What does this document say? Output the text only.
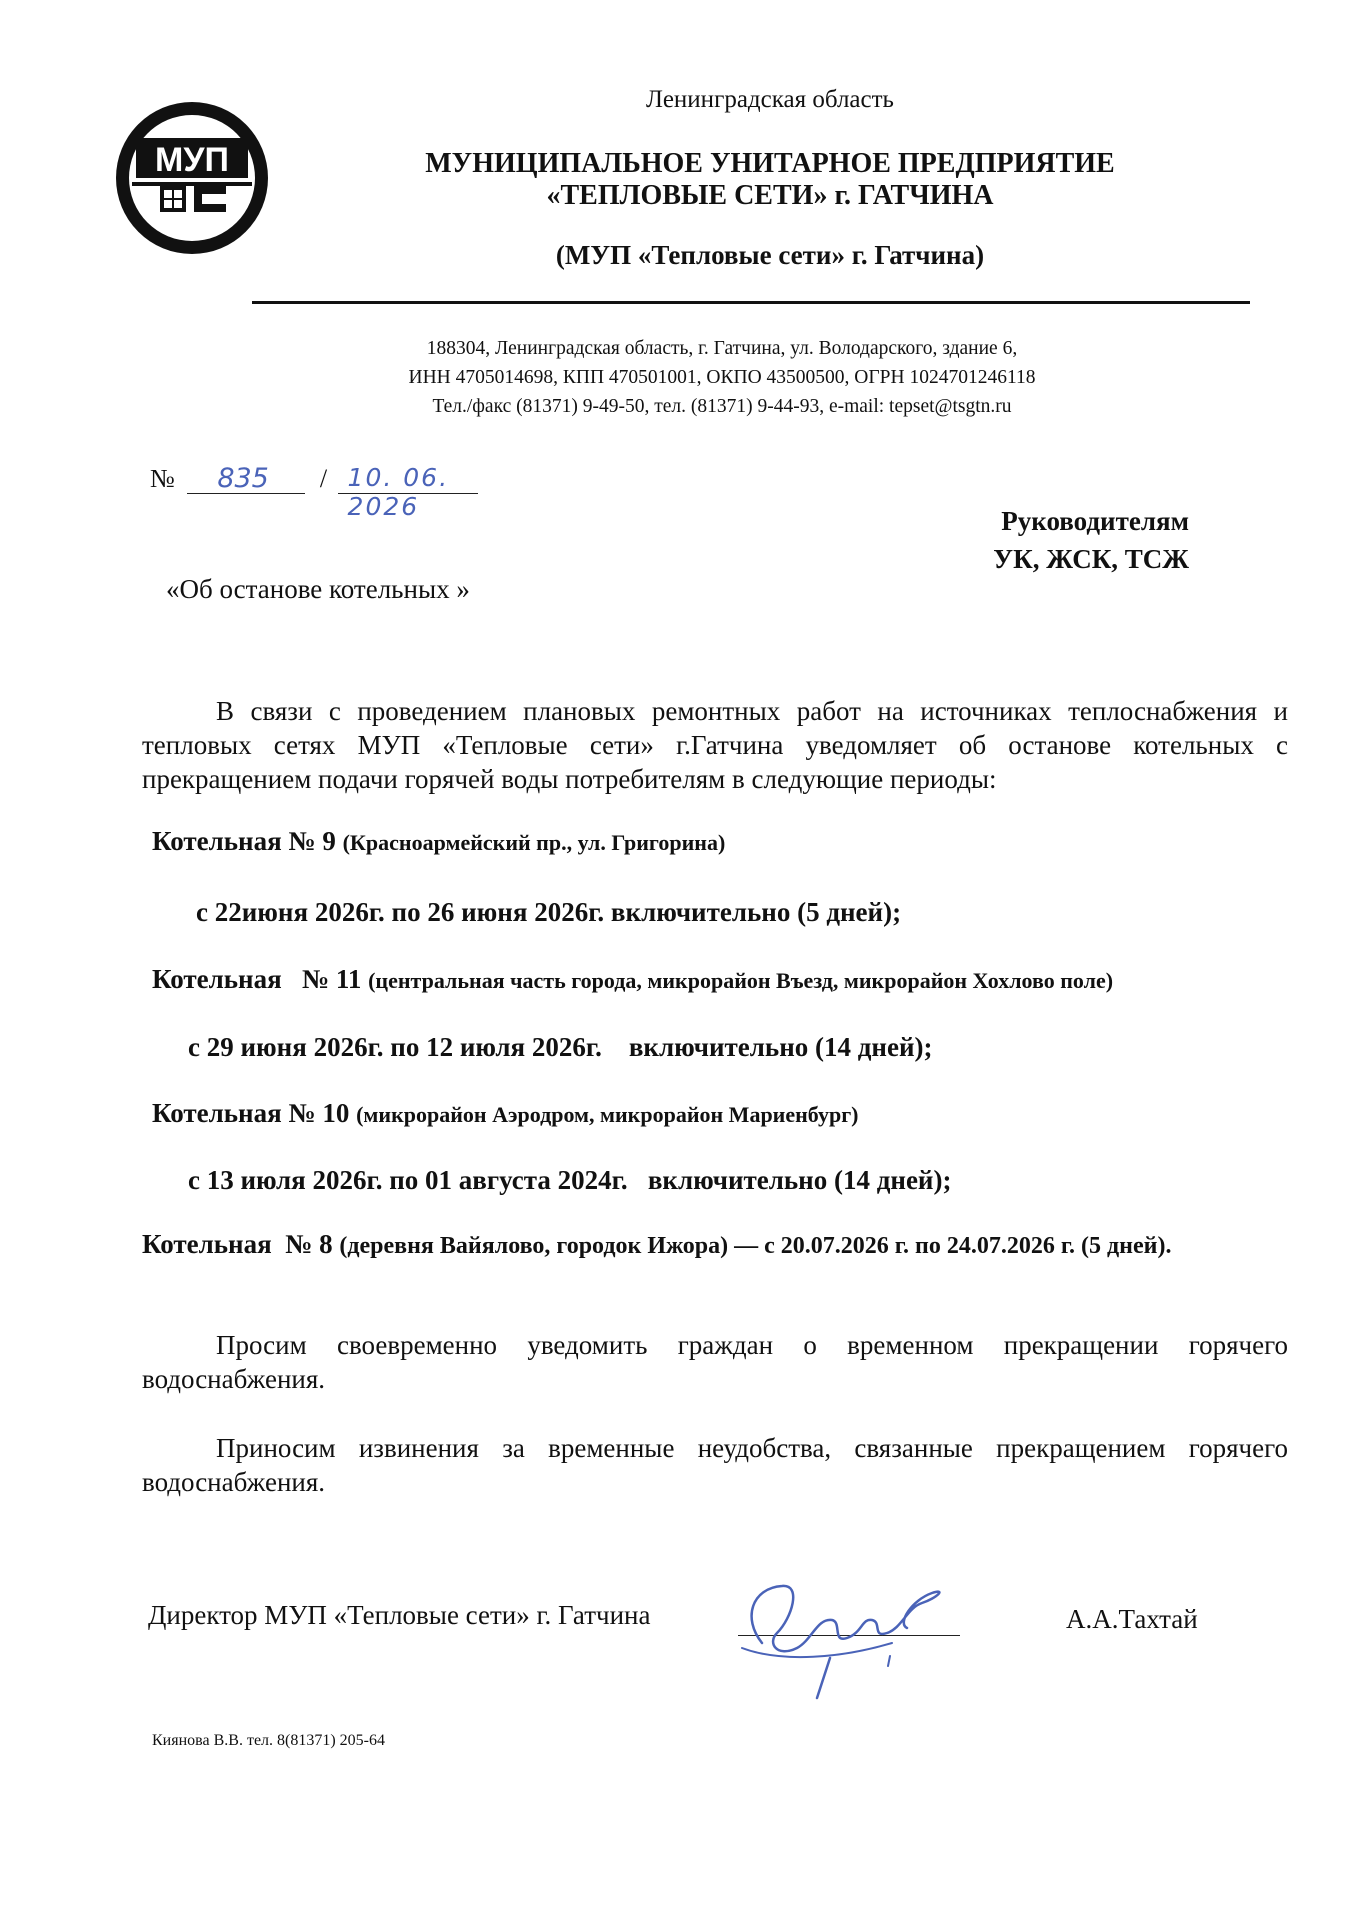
МУП
Ленинградская область
МУНИЦИПАЛЬНОЕ УНИТАРНОЕ ПРЕДПРИЯТИЕ
«ТЕПЛОВЫЕ СЕТИ» г. ГАТЧИНА
(МУП «Тепловые сети» г. Гатчина)
188304, Ленинградская область, г. Гатчина, ул. Володарского, здание 6,
ИНН 4705014698, КПП 470501001, ОКПО 43500500, ОГРН 1024701246118
Тел./факс (81371) 9-49-50, тел. (81371) 9-44-93, e-mail: tepset@tsgtn.ru
№ 835 / 10. 06. 2026	Руководителям
УК, ЖСК, ТСЖ
«Об останове котельных »
В связи с проведением плановых ремонтных работ на источниках теплоснабжения и тепловых сетях МУП «Тепловые сети» г.Гатчина уведомляет об останове котельных с прекращением подачи горячей воды потребителям в следующие периоды:
Котельная № 9 (Красноармейский пр., ул. Григорина)
с 22июня 2026г. по 26 июня 2026г. включительно (5 дней);
Котельная   № 11 (центральная часть города, микрорайон Въезд, микрорайон Хохлово поле)
с 29 июня 2026г. по 12 июля 2026г.    включительно (14 дней);
Котельная № 10 (микрорайон Аэродром, микрорайон Мариенбург)
с 13 июля 2026г. по 01 августа 2024г.   включительно (14 дней);
Котельная  № 8 (деревня Вайялово, городок Ижора) — с 20.07.2026 г. по 24.07.2026 г. (5 дней).
Просим своевременно уведомить граждан о временном прекращении горячего водоснабжения.
Приносим извинения за временные неудобства, связанные прекращением горячего водоснабжения.
Директор МУП «Тепловые сети» г. Гатчина	А.А.Тахтай
Киянова В.В. тел. 8(81371) 205-64
